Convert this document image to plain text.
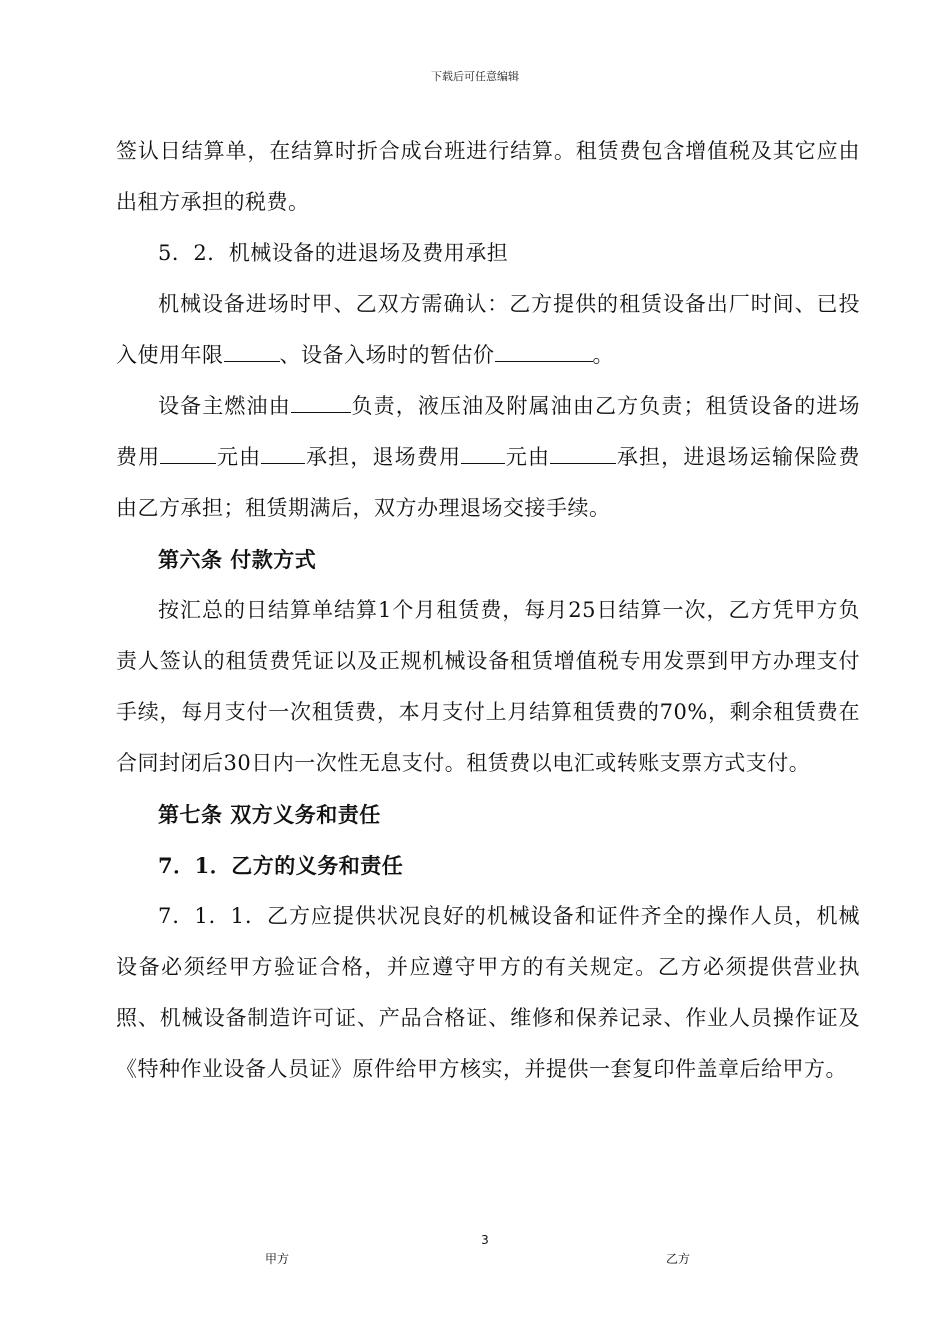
下载后可任意编辑

签认日结算单，在结算时折合成台班进行结算。租赁费包含增值税及其它应由出租方承担的税费。

5．2．机械设备的进退场及费用承担

机械设备进场时甲、乙双方需确认：乙方提供的租赁设备出厂时间、已投入使用年限	、设备入场时的暂估价	。

设备主燃油由	负责，液压油及附属油由乙方负责；租赁设备的进场费用	元由 承担，退场费用 元由	承担，进退场运输保险费由乙方承担；租赁期满后，双方办理退场交接手续。

第六条 付款方式

按汇总的日结算单结算1个月租赁费，每月25日结算一次，乙方凭甲方负责人签认的租赁费凭证以及正规机械设备租赁增值税专用发票到甲方办理支付手续，每月支付一次租赁费，本月支付上月结算租赁费的70%，剩余租赁费在合同封闭后30日内一次性无息支付。租赁费以电汇或转账支票方式支付。

第七条 双方义务和责任

7．1．乙方的义务和责任

7．1．1．乙方应提供状况良好的机械设备和证件齐全的操作人员，机械设备必须经甲方验证合格，并应遵守甲方的有关规定。乙方必须提供营业执照、机械设备制造许可证、产品合格证、维修和保养记录、作业人员操作证及《特种作业设备人员证》原件给甲方核实，并提供一套复印件盖章后给甲方。

3
甲方	乙方
